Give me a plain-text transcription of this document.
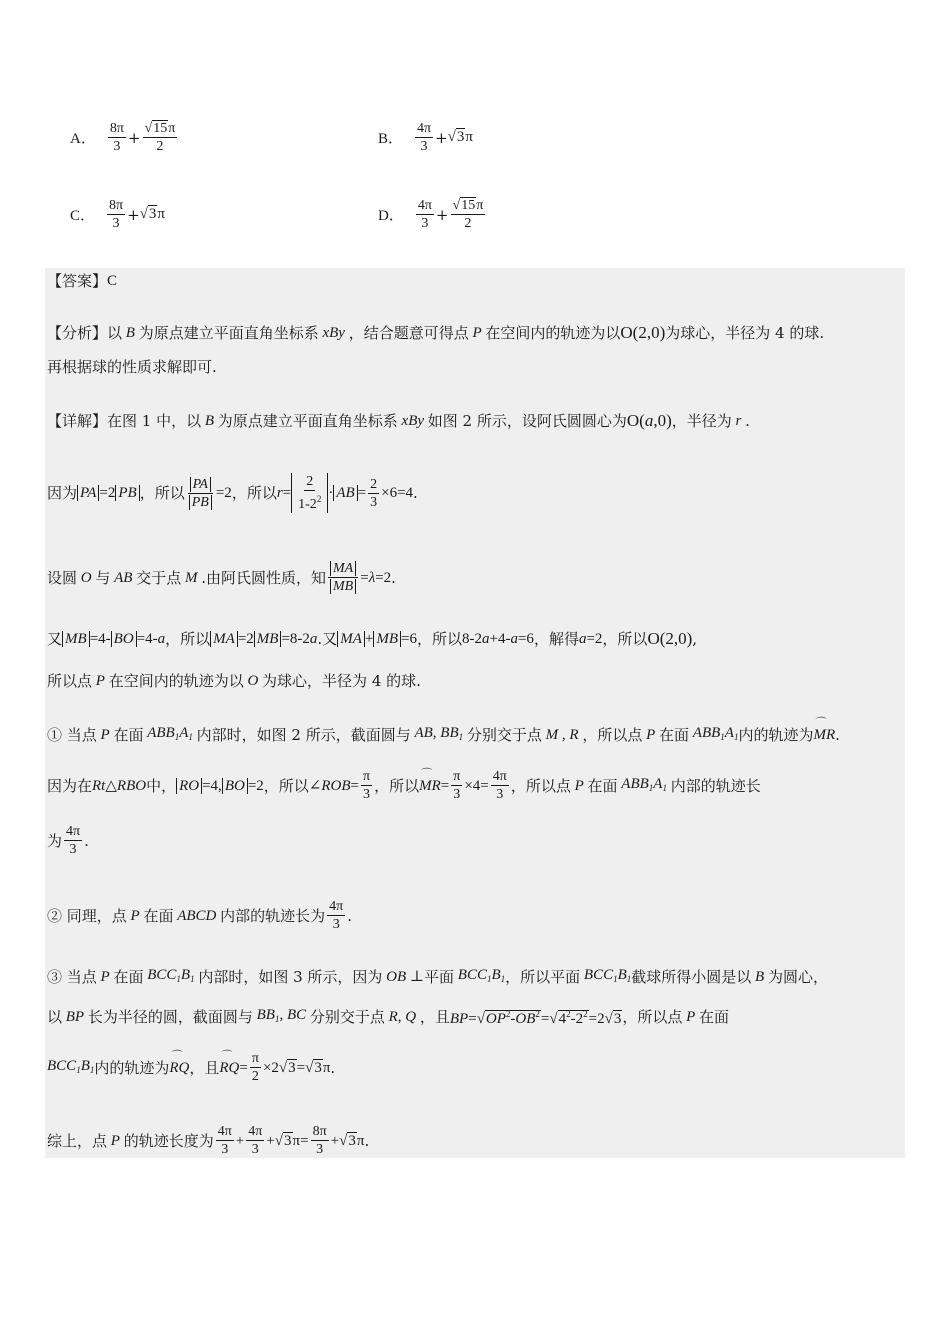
A． $\frac{8\pi}{3} + \frac{√15\pi}{2}$	B． $\frac{4\pi}{3} + √3\pi$
C． $\frac{8\pi}{3} + √3\pi$	D． $\frac{4\pi}{3} + \frac{√15\pi}{2}$
【答案】 C
【分析】 以 B 为原点建立平面直角坐标系 xBy ，结合题意可得点 P 在空间内的轨迹为以 O(2,0) 为球心，半径为 4 的球.
再根据球的性质求解即可.
【详解】 在图 1 中，以 B 为原点建立平面直角坐标系 xBy 如图 2 所示，设阿氏圆圆心为 O(a,0) ，半径为 r .
因为 PA =2 PB ，所以 $\frac{PA}{PB} =2$ ，所以 $r= \frac{2}{1-2^2}$ · AB = $\frac{2}{3} \times 6=4$ .
设圆 O 与 AB 交于点 M .由阿氏圆性质，知 $\frac{MA}{MB} =\lambda=2$ .
又 MB =4- BO =4-a ，所以 MA =2 MB =8-2a .又 MA + MB =6 ，所以 8-2a+4-a=6 ，解得 a=2 ，所以 O(2,0) ,
所以点 P 在空间内的轨迹为以 O 为球心，半径为 4 的球.
① 当点 P 在面 $ABB_1A_1$ 内部时，如图 2 所示，截面圆与 AB, $BB_1$ 分别交于点 M , R ，所以点 P 在面 $ABB_1A_1$ 内的轨迹为 ⌒ MR .
因为在 Rt △ RBO 中， RO =4, BO =2 ，所以 ∠ROB= $\frac{\pi}{3}$ ，所以 ⌒ MR = $\frac{\pi}{3} \times 4= \frac{4\pi}{3}$ ，所以点 P 在面 $ABB_1A_1$ 内部的轨迹长
为 $\frac{4\pi}{3}$ .
② 同理，点 P 在面 ABCD 内部的轨迹长为 $\frac{4\pi}{3}$ .
③ 当点 P 在面 $BCC_1B_1$ 内部时，如图 3 所示，因为 OB ⊥ 平面 $BCC_1B_1$ ，所以平面 $BCC_1B_1$ 截球所得小圆是以 B 为圆心，
以 BP 长为半径的圆，截面圆与 $BB_1$, BC 分别交于点 R, Q ，且 $BP=√OP^2-OB^2=√4^2-2^2=2√3$ ，所以点 P 在面
$BCC_1B_1$ 内的轨迹为 ⌒ RQ ，且 ⌒ RQ = $\frac{\pi}{2} \times 2√3=√3\pi$ .
综上，点 P 的轨迹长度为 $\frac{4\pi}{3} + \frac{4\pi}{3} +√3\pi= \frac{8\pi}{3} +√3\pi$ .
